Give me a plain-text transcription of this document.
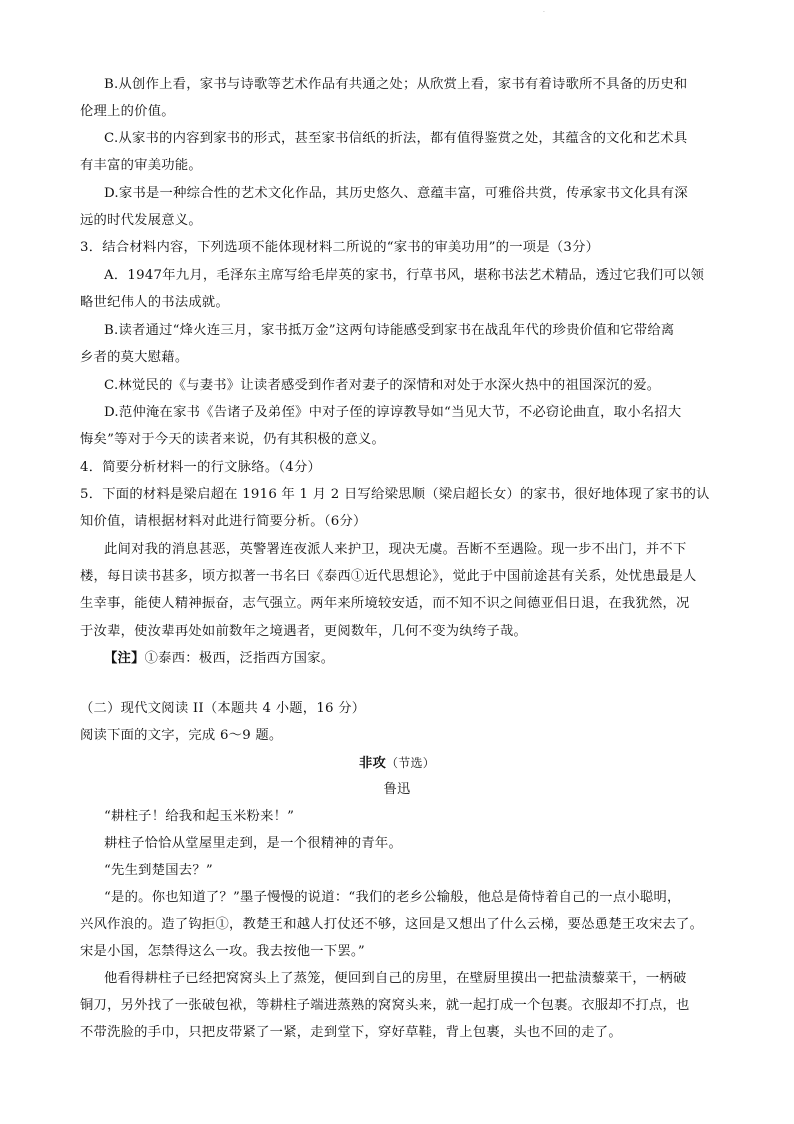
·
B.从创作上看，家书与诗歌等艺术作品有共通之处；从欣赏上看，家书有着诗歌所不具备的历史和
伦理上的价值。
C.从家书的内容到家书的形式，甚至家书信纸的折法，都有值得鉴赏之处，其蕴含的文化和艺术具
有丰富的审美功能。
D.家书是一种综合性的艺术文化作品，其历史悠久、意蕴丰富，可雅俗共赏，传承家书文化具有深
远的时代发展意义。
3．结合材料内容，下列选项不能体现材料二所说的“家书的审美功用”的一项是（3分）
A．1947年九月，毛泽东主席写给毛岸英的家书，行草书风，堪称书法艺术精品，透过它我们可以领
略世纪伟人的书法成就。
B.读者通过“烽火连三月，家书抵万金”这两句诗能感受到家书在战乱年代的珍贵价值和它带给离
乡者的莫大慰藉。
C.林觉民的《与妻书》让读者感受到作者对妻子的深情和对处于水深火热中的祖国深沉的爱。
D.范仲淹在家书《告诸子及弟侄》中对子侄的谆谆教导如“当见大节，不必窃论曲直，取小名招大
悔矣”等对于今天的读者来说，仍有其积极的意义。
4．简要分析材料一的行文脉络。（4分）
5．下面的材料是梁启超在 1916 年 1 月 2 日写给梁思顺（梁启超长女）的家书，很好地体现了家书的认
知价值，请根据材料对此进行简要分析。（6分）
此间对我的消息甚恶，英警署连夜派人来护卫，现决无虞。吾断不至遇险。现一步不出门，并不下
楼，每日读书甚多，顷方拟著一书名曰《泰西①近代思想论》，觉此于中国前途甚有关系，处忧患最是人
生幸事，能使人精神振奋，志气强立。两年来所境较安适，而不知不识之间德亚佀日退，在我犹然，况
于汝辈，使汝辈再处如前数年之境遇者，更阅数年，几何不变为纨绔子哉。
【注】①泰西：极西，泛指西方国家。
（二）现代文阅读 II（本题共 4 小题，16 分）
阅读下面的文字，完成 6～9 题。
非攻（节选）
鲁迅
“耕柱子！给我和起玉米粉来！”
耕柱子恰恰从堂屋里走到，是一个很精神的青年。
“先生到楚国去？”
“是的。你也知道了？”墨子慢慢的说道：“我们的老乡公输般，他总是倚恃着自己的一点小聪明，
兴风作浪的。造了钩拒①，教楚王和越人打仗还不够，这回是又想出了什么云梯，要怂恿楚王攻宋去了。
宋是小国，怎禁得这么一攻。我去按他一下罢。”
他看得耕柱子已经把窝窝头上了蒸笼，便回到自己的房里，在壁厨里摸出一把盐渍藜菜干，一柄破
铜刀，另外找了一张破包袱，等耕柱子端进蒸熟的窝窝头来，就一起打成一个包裹。衣服却不打点，也
不带洗脸的手巾，只把皮带紧了一紧，走到堂下，穿好草鞋，背上包裹，头也不回的走了。
